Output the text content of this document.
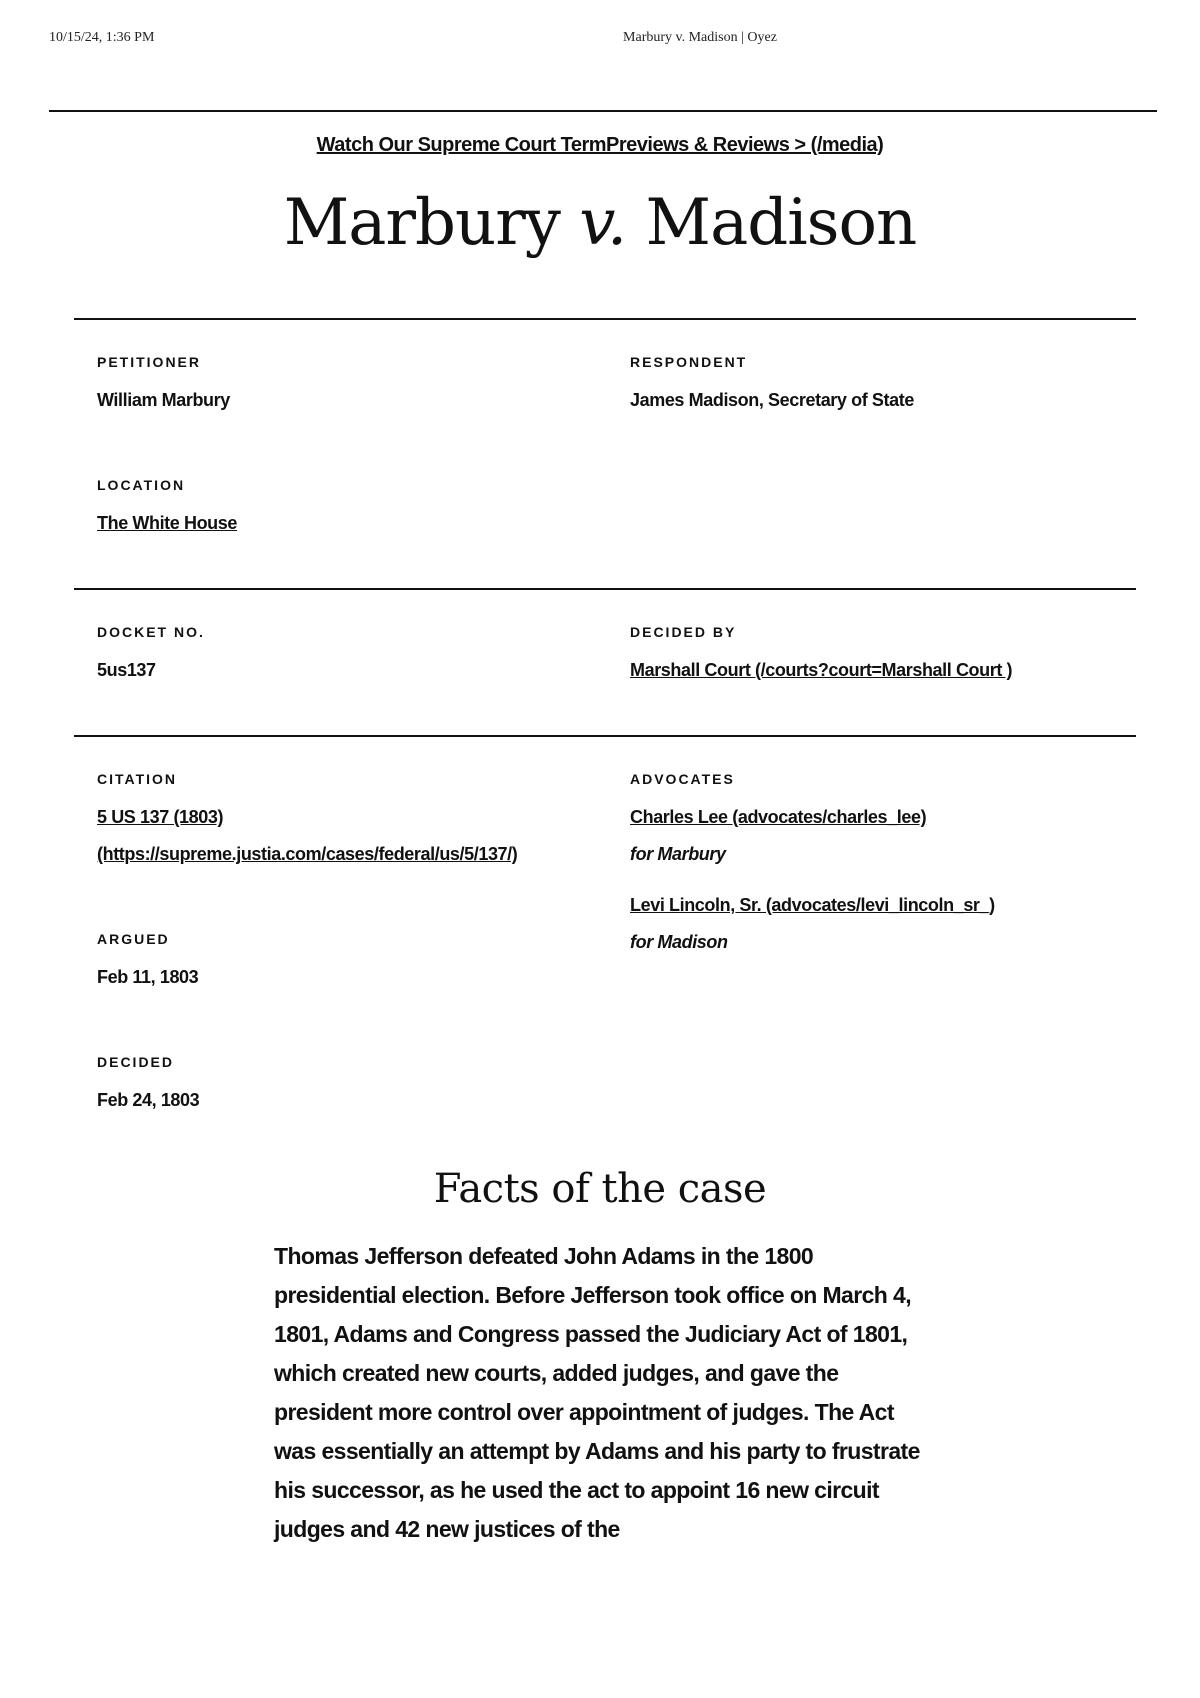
10/15/24, 1:36 PM	Marbury v. Madison | Oyez
Watch Our Supreme Court TermPreviews & Reviews > (/media)
Marbury v. Madison
PETITIONER
William Marbury
RESPONDENT
James Madison, Secretary of State
LOCATION
The White House
DOCKET NO.
5us137
DECIDED BY
Marshall Court (/courts?court=Marshall Court )
CITATION
5 US 137 (1803)
(https://supreme.justia.com/cases/federal/us/5/137/)
ADVOCATES
Charles Lee (advocates/charles_lee)
for Marbury
Levi Lincoln, Sr. (advocates/levi_lincoln_sr_)
for Madison
ARGUED
Feb 11, 1803
DECIDED
Feb 24, 1803
Facts of the case

Thomas Jefferson defeated John Adams in the 1800 presidential election. Before Jefferson took office on March 4, 1801, Adams and Congress passed the Judiciary Act of 1801, which created new courts, added judges, and gave the president more control over appointment of judges. The Act was essentially an attempt by Adams and his party to frustrate his successor, as he used the act to appoint 16 new circuit judges and 42 new justices of the
